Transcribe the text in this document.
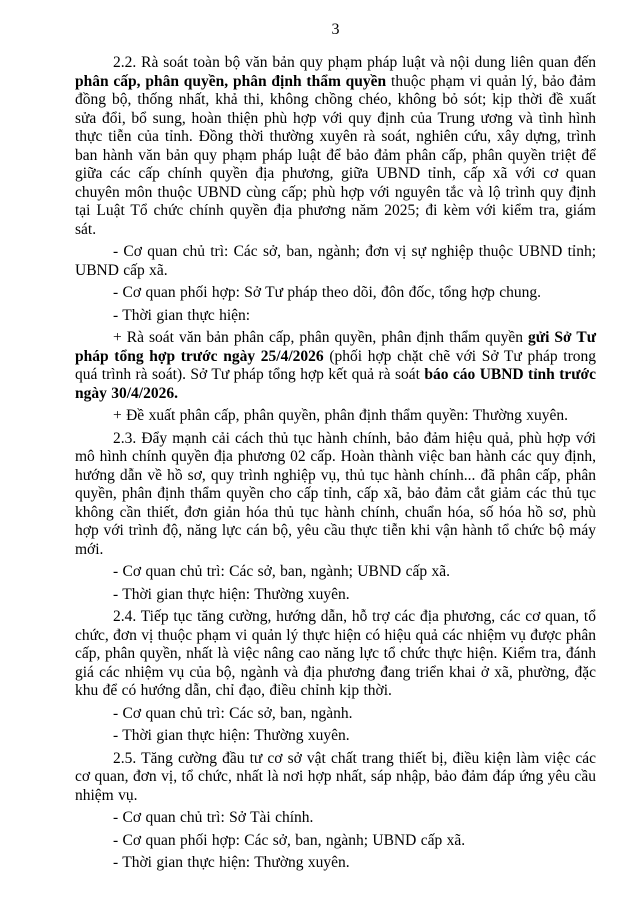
3

2.2. Rà soát toàn bộ văn bản quy phạm pháp luật và nội dung liên quan đến phân cấp, phân quyền, phân định thẩm quyền thuộc phạm vi quản lý, bảo đảm đồng bộ, thống nhất, khả thi, không chồng chéo, không bỏ sót; kịp thời đề xuất sửa đổi, bổ sung, hoàn thiện phù hợp với quy định của Trung ương và tình hình thực tiễn của tỉnh. Đồng thời thường xuyên rà soát, nghiên cứu, xây dựng, trình ban hành văn bản quy phạm pháp luật để bảo đảm phân cấp, phân quyền triệt để giữa các cấp chính quyền địa phương, giữa UBND tỉnh, cấp xã với cơ quan chuyên môn thuộc UBND cùng cấp; phù hợp với nguyên tắc và lộ trình quy định tại Luật Tổ chức chính quyền địa phương năm 2025; đi kèm với kiểm tra, giám sát.

- Cơ quan chủ trì: Các sở, ban, ngành; đơn vị sự nghiệp thuộc UBND tỉnh; UBND cấp xã.

- Cơ quan phối hợp: Sở Tư pháp theo dõi, đôn đốc, tổng hợp chung.

- Thời gian thực hiện:

+ Rà soát văn bản phân cấp, phân quyền, phân định thẩm quyền gửi Sở Tư pháp tổng hợp trước ngày 25/4/2026 (phối hợp chặt chẽ với Sở Tư pháp trong quá trình rà soát). Sở Tư pháp tổng hợp kết quả rà soát báo cáo UBND tỉnh trước ngày 30/4/2026.

+ Đề xuất phân cấp, phân quyền, phân định thẩm quyền: Thường xuyên.

2.3. Đẩy mạnh cải cách thủ tục hành chính, bảo đảm hiệu quả, phù hợp với mô hình chính quyền địa phương 02 cấp. Hoàn thành việc ban hành các quy định, hướng dẫn về hồ sơ, quy trình nghiệp vụ, thủ tục hành chính... đã phân cấp, phân quyền, phân định thẩm quyền cho cấp tỉnh, cấp xã, bảo đảm cắt giảm các thủ tục không cần thiết, đơn giản hóa thủ tục hành chính, chuẩn hóa, số hóa hồ sơ, phù hợp với trình độ, năng lực cán bộ, yêu cầu thực tiễn khi vận hành tổ chức bộ máy mới.

- Cơ quan chủ trì: Các sở, ban, ngành; UBND cấp xã.

- Thời gian thực hiện: Thường xuyên.

2.4. Tiếp tục tăng cường, hướng dẫn, hỗ trợ các địa phương, các cơ quan, tổ chức, đơn vị thuộc phạm vi quản lý thực hiện có hiệu quả các nhiệm vụ được phân cấp, phân quyền, nhất là việc nâng cao năng lực tổ chức thực hiện. Kiểm tra, đánh giá các nhiệm vụ của bộ, ngành và địa phương đang triển khai ở xã, phường, đặc khu để có hướng dẫn, chỉ đạo, điều chỉnh kịp thời.

- Cơ quan chủ trì: Các sở, ban, ngành.

- Thời gian thực hiện: Thường xuyên.

2.5. Tăng cường đầu tư cơ sở vật chất trang thiết bị, điều kiện làm việc các cơ quan, đơn vị, tổ chức, nhất là nơi hợp nhất, sáp nhập, bảo đảm đáp ứng yêu cầu nhiệm vụ.

- Cơ quan chủ trì: Sở Tài chính.

- Cơ quan phối hợp: Các sở, ban, ngành; UBND cấp xã.

- Thời gian thực hiện: Thường xuyên.
